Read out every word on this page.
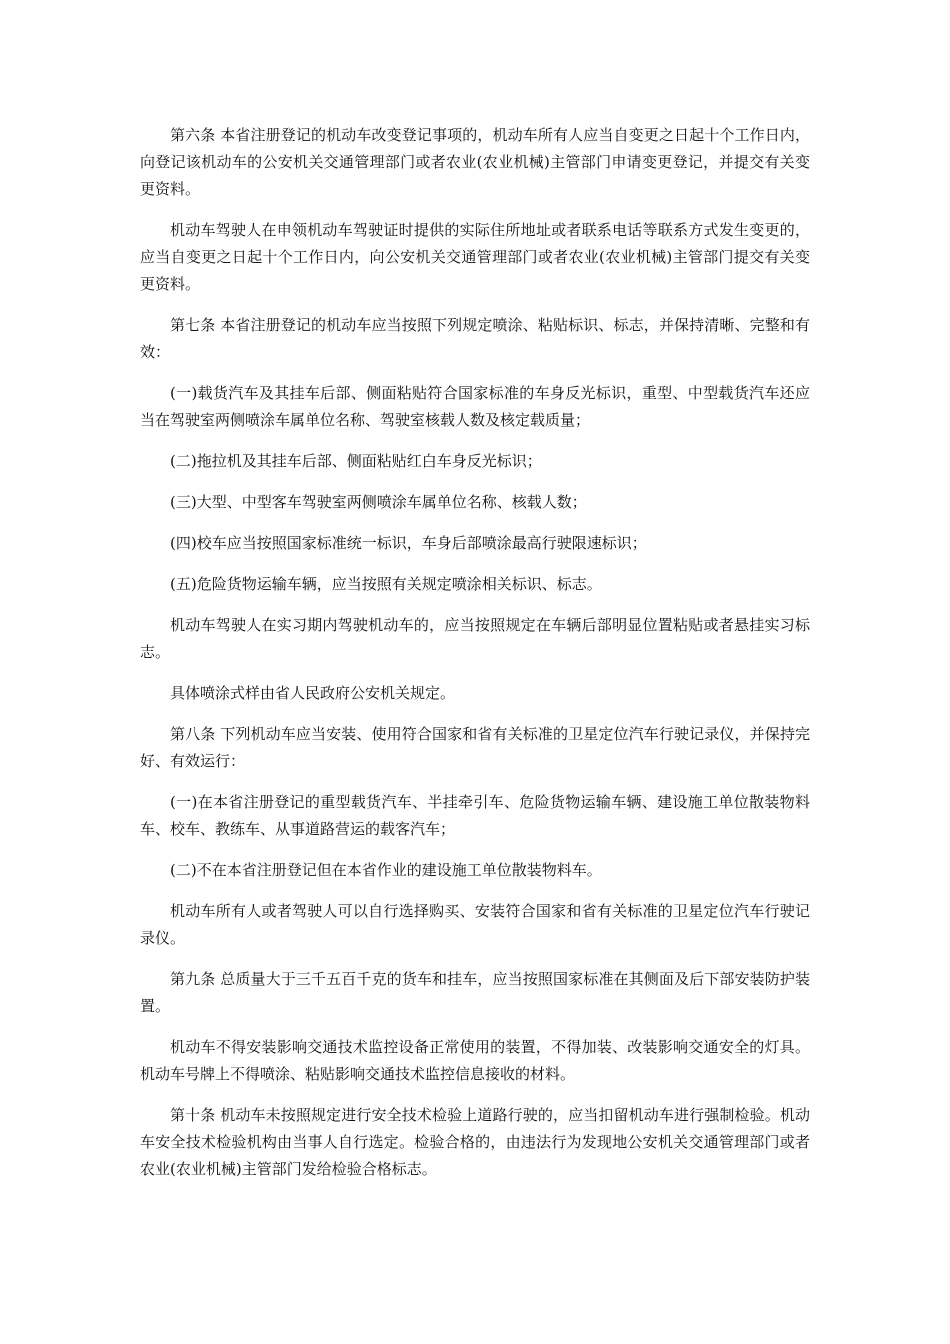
第六条 本省注册登记的机动车改变登记事项的，机动车所有人应当自变更之日起十个工作日内，向登记该机动车的公安机关交通管理部门或者农业(农业机械)主管部门申请变更登记，并提交有关变更资料。

机动车驾驶人在申领机动车驾驶证时提供的实际住所地址或者联系电话等联系方式发生变更的，应当自变更之日起十个工作日内，向公安机关交通管理部门或者农业(农业机械)主管部门提交有关变更资料。

第七条 本省注册登记的机动车应当按照下列规定喷涂、粘贴标识、标志，并保持清晰、完整和有效：

(一)载货汽车及其挂车后部、侧面粘贴符合国家标准的车身反光标识，重型、中型载货汽车还应当在驾驶室两侧喷涂车属单位名称、驾驶室核载人数及核定载质量；

(二)拖拉机及其挂车后部、侧面粘贴红白车身反光标识；

(三)大型、中型客车驾驶室两侧喷涂车属单位名称、核载人数；

(四)校车应当按照国家标准统一标识，车身后部喷涂最高行驶限速标识；

(五)危险货物运输车辆，应当按照有关规定喷涂相关标识、标志。

机动车驾驶人在实习期内驾驶机动车的，应当按照规定在车辆后部明显位置粘贴或者悬挂实习标志。

具体喷涂式样由省人民政府公安机关规定。

第八条 下列机动车应当安装、使用符合国家和省有关标准的卫星定位汽车行驶记录仪，并保持完好、有效运行：

(一)在本省注册登记的重型载货汽车、半挂牵引车、危险货物运输车辆、建设施工单位散装物料车、校车、教练车、从事道路营运的载客汽车；

(二)不在本省注册登记但在本省作业的建设施工单位散装物料车。

机动车所有人或者驾驶人可以自行选择购买、安装符合国家和省有关标准的卫星定位汽车行驶记录仪。

第九条 总质量大于三千五百千克的货车和挂车，应当按照国家标准在其侧面及后下部安装防护装置。

机动车不得安装影响交通技术监控设备正常使用的装置，不得加装、改装影响交通安全的灯具。机动车号牌上不得喷涂、粘贴影响交通技术监控信息接收的材料。

第十条 机动车未按照规定进行安全技术检验上道路行驶的，应当扣留机动车进行强制检验。机动车安全技术检验机构由当事人自行选定。检验合格的，由违法行为发现地公安机关交通管理部门或者农业(农业机械)主管部门发给检验合格标志。
